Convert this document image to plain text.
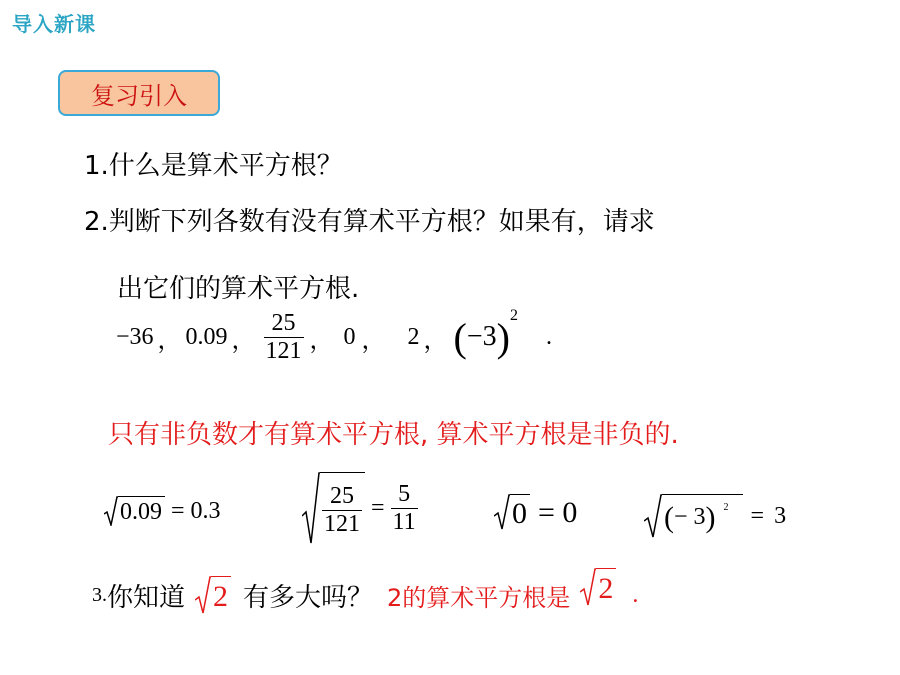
导入新课
复习引入
1.什么是算术平方根？
2.判断下列各数有没有算术平方根？如果有，请求
出它们的算术平方根.
−36 ， 0.09 ， $\frac{25}{121}$ ， 0 ， 2 ， ( −3 ) 2
.
只有非负数才有算术平方根, 算术平方根是非负的.
0.09 = 0.3	$\frac{25}{121} = \frac{5}{11}$	0 = 0	( − 3 ) 2 = 3
3. 你知道 2 有多大吗？ 2的算术平方根是 2 .
